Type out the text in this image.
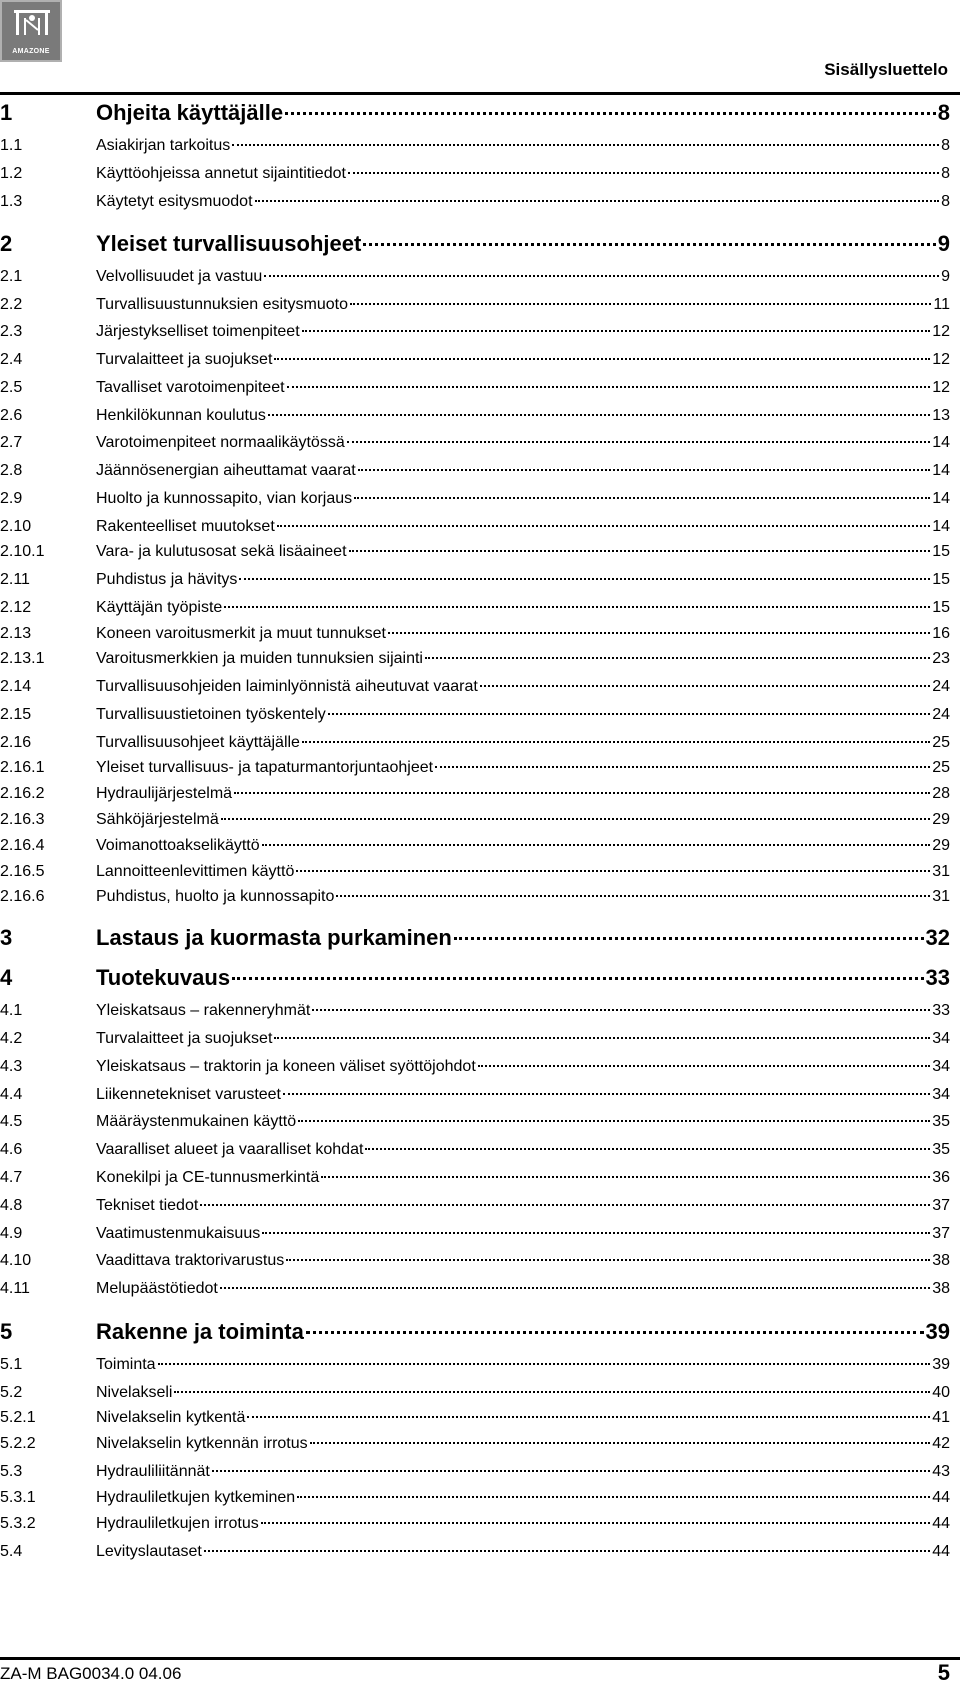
AMAZONE
Sisällysluettelo
1	Ohjeita käyttäjälle	8
1.1	Asiakirjan tarkoitus	8
1.2	Käyttöohjeissa annetut sijaintitiedot	8
1.3	Käytetyt esitysmuodot	8
2	Yleiset turvallisuusohjeet	9
2.1	Velvollisuudet ja vastuu	9
2.2	Turvallisuustunnuksien esitysmuoto	11
2.3	Järjestykselliset toimenpiteet	12
2.4	Turvalaitteet ja suojukset	12
2.5	Tavalliset varotoimenpiteet	12
2.6	Henkilökunnan koulutus	13
2.7	Varotoimenpiteet normaalikäytössä	14
2.8	Jäännösenergian aiheuttamat vaarat	14
2.9	Huolto ja kunnossapito, vian korjaus	14
2.10	Rakenteelliset muutokset	14
2.10.1	Vara- ja kulutusosat sekä lisäaineet	15
2.11	Puhdistus ja hävitys	15
2.12	Käyttäjän työpiste	15
2.13	Koneen varoitusmerkit ja muut tunnukset	16
2.13.1	Varoitusmerkkien ja muiden tunnuksien sijainti	23
2.14	Turvallisuusohjeiden laiminlyönnistä aiheutuvat vaarat	24
2.15	Turvallisuustietoinen työskentely	24
2.16	Turvallisuusohjeet käyttäjälle	25
2.16.1	Yleiset turvallisuus- ja tapaturmantorjuntaohjeet	25
2.16.2	Hydraulijärjestelmä	28
2.16.3	Sähköjärjestelmä	29
2.16.4	Voimanottoakselikäyttö	29
2.16.5	Lannoitteenlevittimen käyttö	31
2.16.6	Puhdistus, huolto ja kunnossapito	31
3	Lastaus ja kuormasta purkaminen	32
4	Tuotekuvaus	33
4.1	Yleiskatsaus – rakenneryhmät	33
4.2	Turvalaitteet ja suojukset	34
4.3	Yleiskatsaus – traktorin ja koneen väliset syöttöjohdot	34
4.4	Liikennetekniset varusteet	34
4.5	Määräystenmukainen käyttö	35
4.6	Vaaralliset alueet ja vaaralliset kohdat	35
4.7	Konekilpi ja CE-tunnusmerkintä	36
4.8	Tekniset tiedot	37
4.9	Vaatimustenmukaisuus	37
4.10	Vaadittava traktorivarustus	38
4.11	Melupäästötiedot	38
5	Rakenne ja toiminta	39
5.1	Toiminta	39
5.2	Nivelakseli	40
5.2.1	Nivelakselin kytkentä	41
5.2.2	Nivelakselin kytkennän irrotus	42
5.3	Hydrauliliitännät	43
5.3.1	Hydrauliletkujen kytkeminen	44
5.3.2	Hydrauliletkujen irrotus	44
5.4	Levityslautaset	44
ZA-M BAG0034.0 04.06	5
